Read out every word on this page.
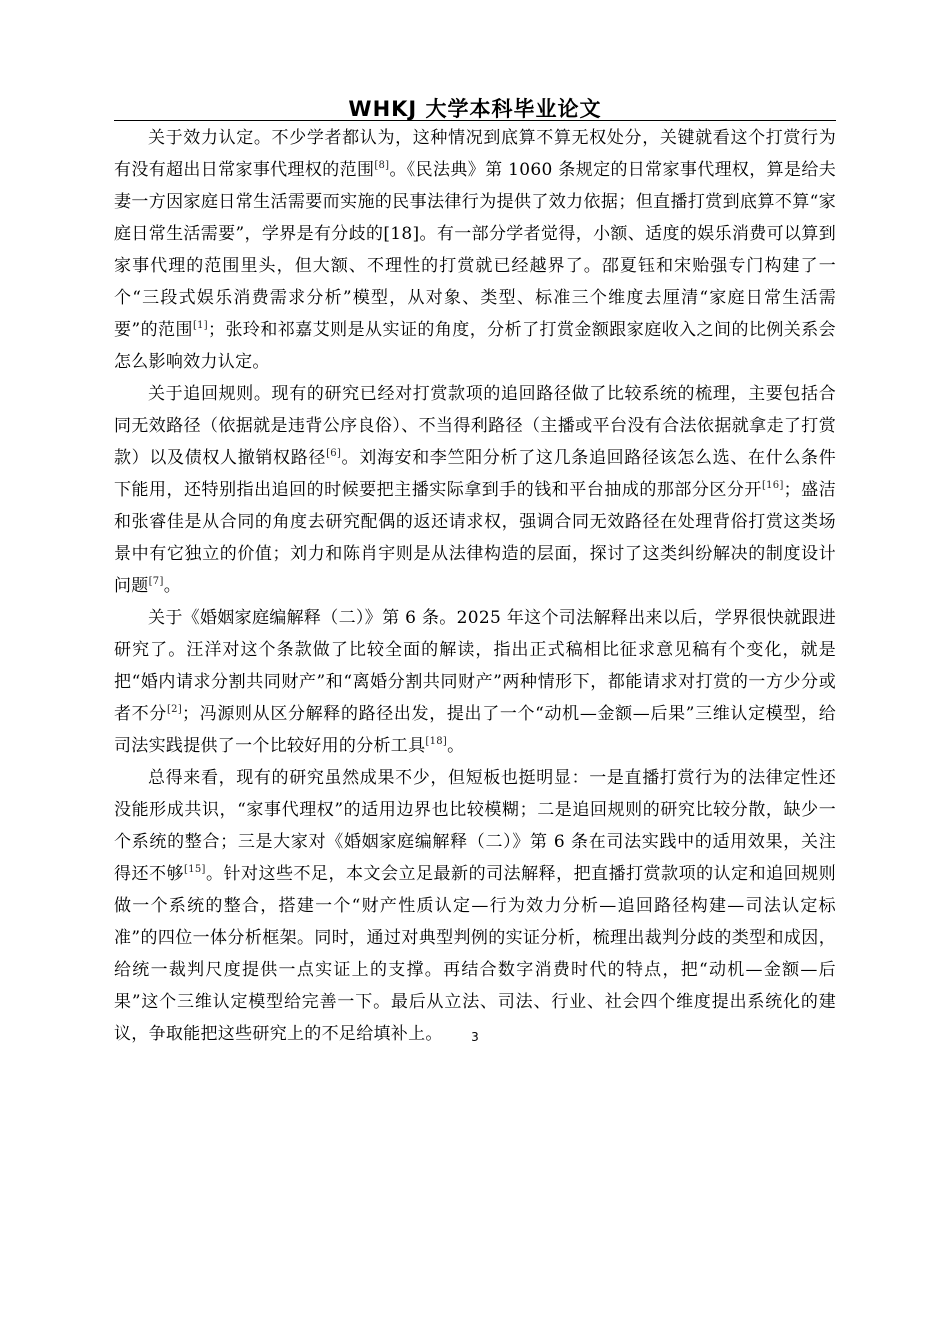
WHKJ 大学本科毕业论文

关于效力认定。不少学者都认为，这种情况到底算不算无权处分，关键就看这个打赏行为有没有超出日常家事代理权的范围[8]。《民法典》第 1060 条规定的日常家事代理权，算是给夫妻一方因家庭日常生活需要而实施的民事法律行为提供了效力依据；但直播打赏到底算不算“家庭日常生活需要”，学界是有分歧的[18]。有一部分学者觉得，小额、适度的娱乐消费可以算到家事代理的范围里头，但大额、不理性的打赏就已经越界了。邵夏钰和宋贻强专门构建了一个“三段式娱乐消费需求分析”模型，从对象、类型、标准三个维度去厘清“家庭日常生活需要”的范围[1]；张玲和祁嘉艾则是从实证的角度，分析了打赏金额跟家庭收入之间的比例关系会怎么影响效力认定。

关于追回规则。现有的研究已经对打赏款项的追回路径做了比较系统的梳理，主要包括合同无效路径（依据就是违背公序良俗）、不当得利路径（主播或平台没有合法依据就拿走了打赏款）以及债权人撤销权路径[6]。刘海安和李竺阳分析了这几条追回路径该怎么选、在什么条件下能用，还特别指出追回的时候要把主播实际拿到手的钱和平台抽成的那部分区分开[16]；盛洁和张睿佳是从合同的角度去研究配偶的返还请求权，强调合同无效路径在处理背俗打赏这类场景中有它独立的价值；刘力和陈肖宇则是从法律构造的层面，探讨了这类纠纷解决的制度设计问题[7]。

关于《婚姻家庭编解释（二）》第 6 条。2025 年这个司法解释出来以后，学界很快就跟进研究了。汪洋对这个条款做了比较全面的解读，指出正式稿相比征求意见稿有个变化，就是把“婚内请求分割共同财产”和“离婚分割共同财产”两种情形下，都能请求对打赏的一方少分或者不分[2]；冯源则从区分解释的路径出发，提出了一个“动机—金额—后果”三维认定模型，给司法实践提供了一个比较好用的分析工具[18]。

总得来看，现有的研究虽然成果不少，但短板也挺明显：一是直播打赏行为的法律定性还没能形成共识，“家事代理权”的适用边界也比较模糊；二是追回规则的研究比较分散，缺少一个系统的整合；三是大家对《婚姻家庭编解释（二）》第 6 条在司法实践中的适用效果，关注得还不够[15]。针对这些不足，本文会立足最新的司法解释，把直播打赏款项的认定和追回规则做一个系统的整合，搭建一个“财产性质认定—行为效力分析—追回路径构建—司法认定标准”的四位一体分析框架。同时，通过对典型判例的实证分析，梳理出裁判分歧的类型和成因，给统一裁判尺度提供一点实证上的支撑。再结合数字消费时代的特点，把“动机—金额—后果”这个三维认定模型给完善一下。最后从立法、司法、行业、社会四个维度提出系统化的建议，争取能把这些研究上的不足给填补上。	3
